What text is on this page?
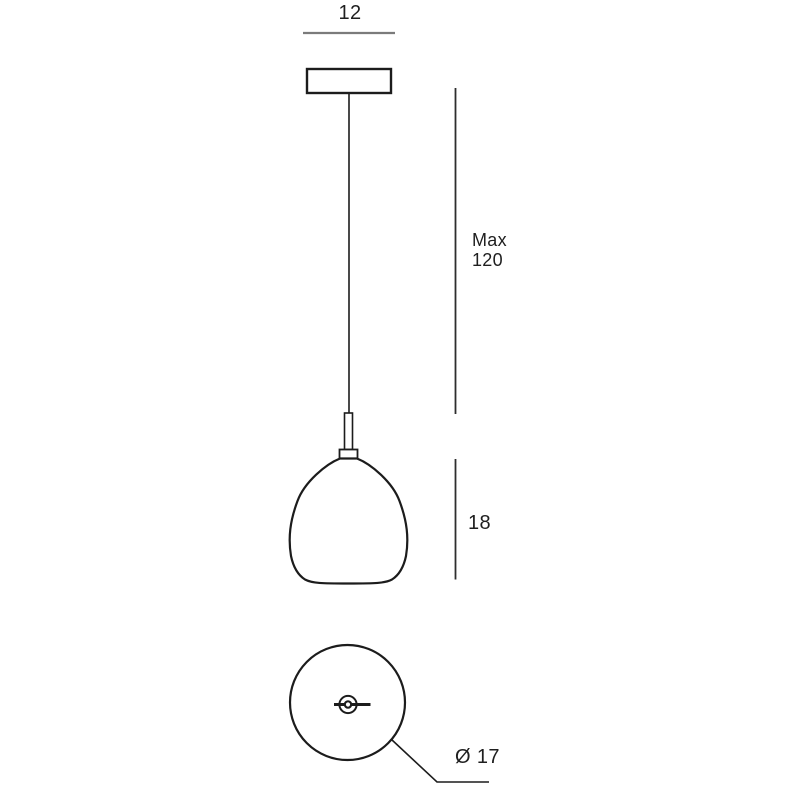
12
Max
120
18
Ø 17
